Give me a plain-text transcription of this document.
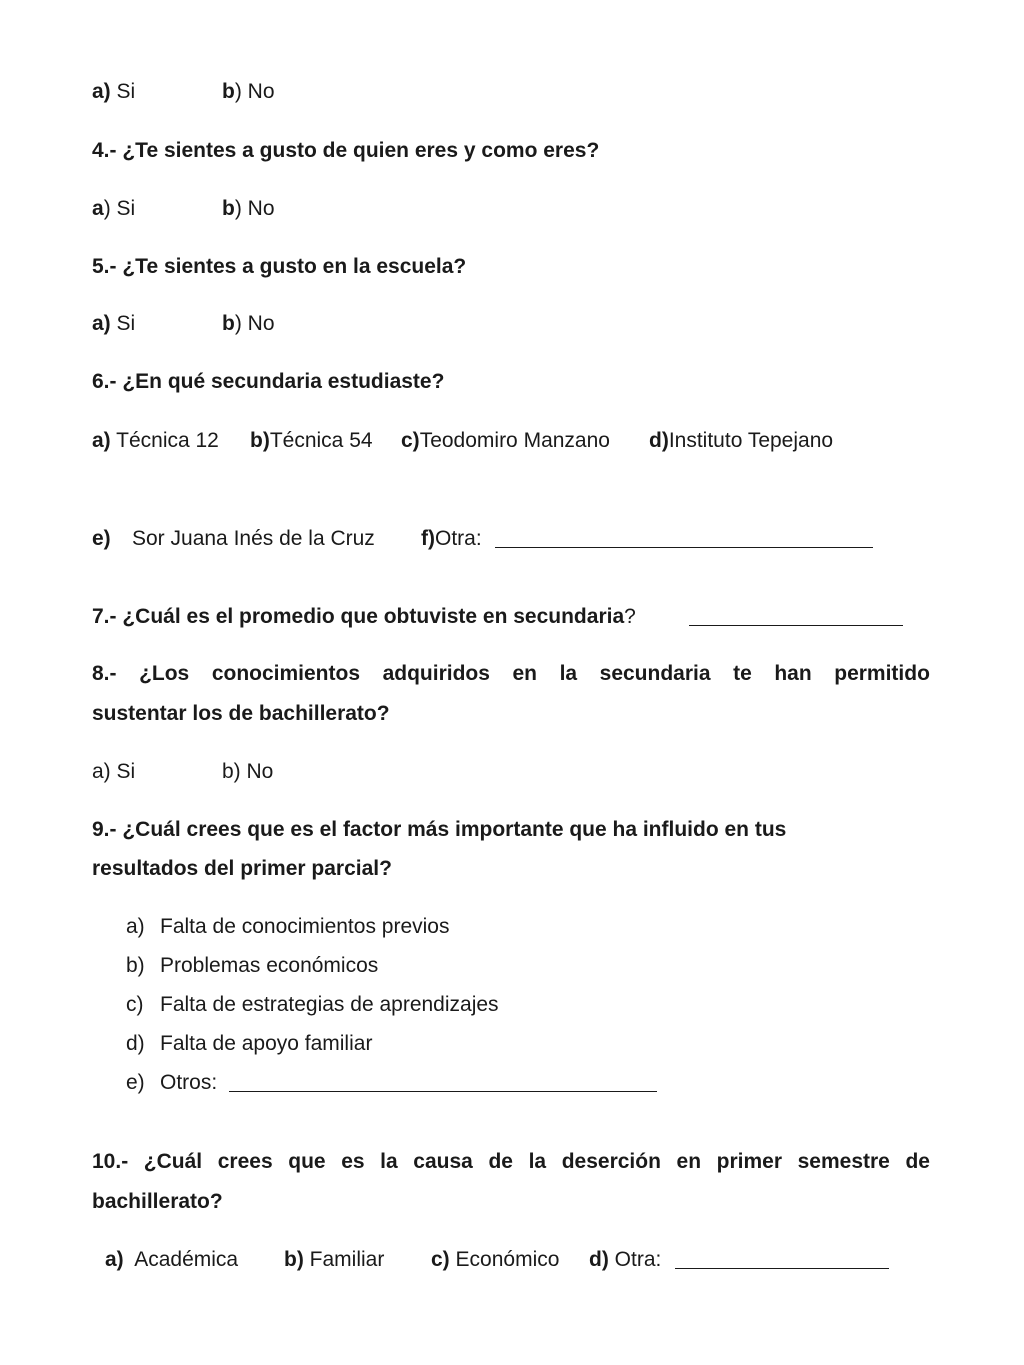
a) Si	b) No
4.- ¿Te sientes a gusto de quien eres y como eres?
a) Si	b) No
5.- ¿Te sientes a gusto en la escuela?
a) Si	b) No
6.- ¿En qué secundaria estudiaste?
a) Técnica 12 b)Técnica 54 c)Teodomiro Manzano d)Instituto Tepejano
e) Sor Juana Inés de la Cruz f)Otra:
7.- ¿Cuál es el promedio que obtuviste en secundaria?
8.- ¿Los conocimientos adquiridos en la secundaria te han permitido
sustentar los de bachillerato?
a) Si	b) No
9.- ¿Cuál crees que es el factor más importante que ha influido en tus
resultados del primer parcial?
a) Falta de conocimientos previos
b) Problemas económicos
c) Falta de estrategias de aprendizajes
d) Falta de apoyo familiar
e) Otros:
10.- ¿Cuál crees que es la causa de la deserción en primer semestre de
bachillerato?
a) Académica b) Familiar c) Económico d) Otra:
